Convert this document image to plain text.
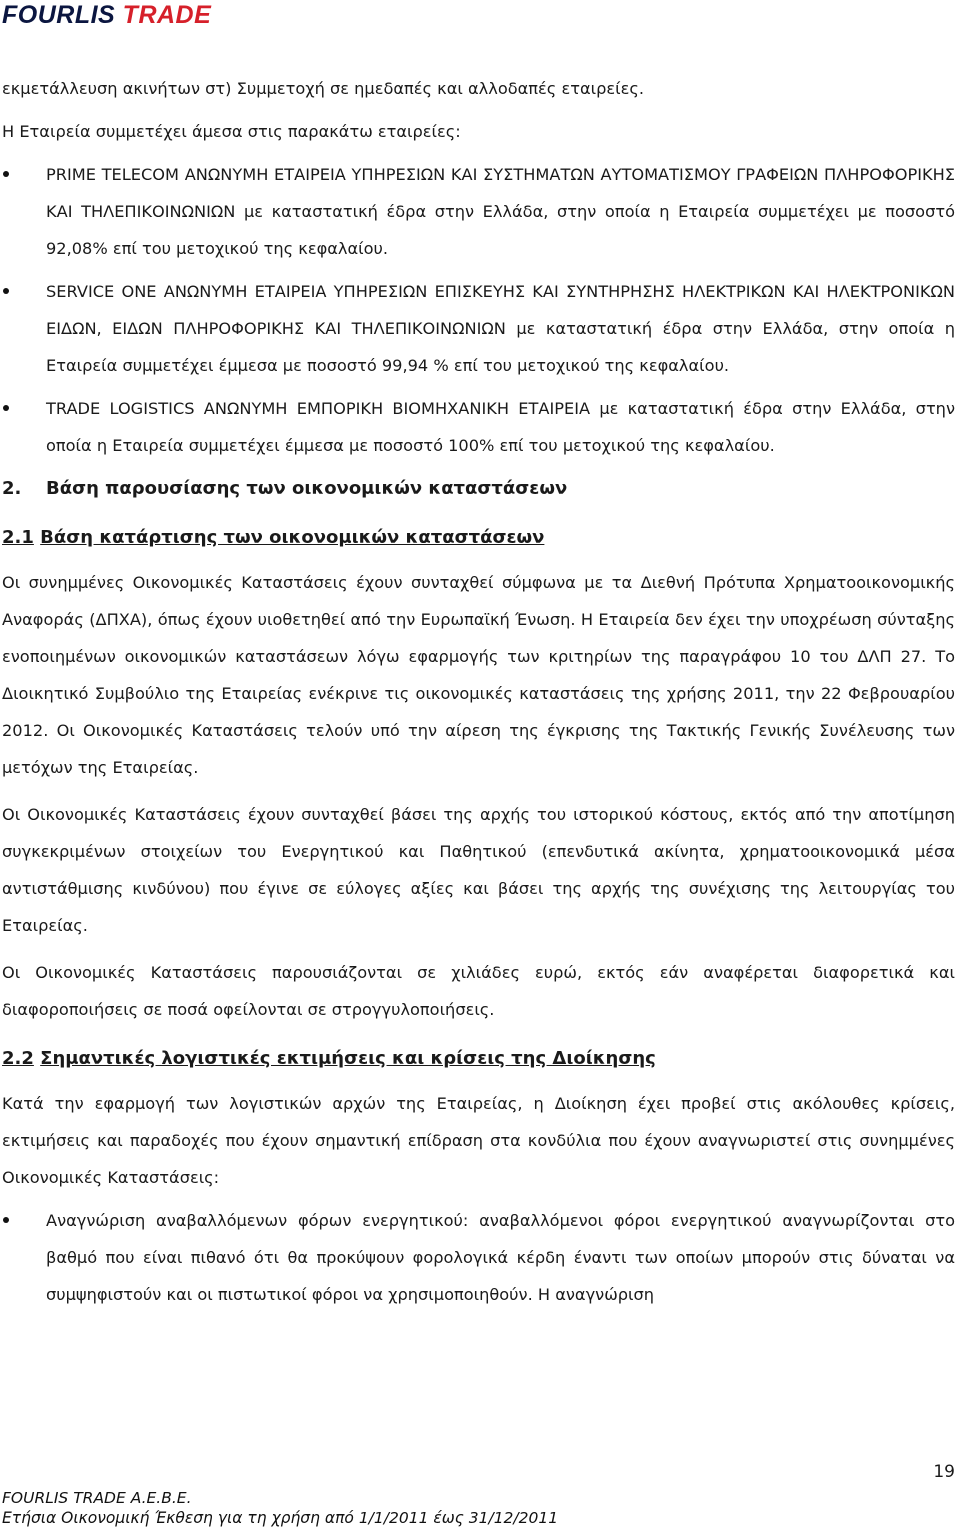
FOURLIS TRADE

εκμετάλλευση ακινήτων στ) Συμμετοχή σε ημεδαπές και αλλοδαπές εταιρείες.

Η Εταιρεία συμμετέχει άμεσα στις παρακάτω εταιρείες:

PRIME TELECOM ΑΝΩΝΥΜΗ ΕΤΑΙΡΕΙΑ ΥΠΗΡΕΣΙΩΝ ΚΑΙ ΣΥΣΤΗΜΑΤΩΝ ΑΥΤΟΜΑΤΙΣΜΟΥ ΓΡΑΦΕΙΩΝ ΠΛΗΡΟΦΟΡΙΚΗΣ ΚΑΙ ΤΗΛΕΠΙΚΟΙΝΩΝΙΩΝ με καταστατική έδρα στην Ελλάδα, στην οποία η Εταιρεία συμμετέχει με ποσοστό 92,08% επί του μετοχικού της κεφαλαίου.
SERVICE ONE ΑΝΩΝΥΜΗ ΕΤΑΙΡΕΙΑ ΥΠΗΡΕΣΙΩΝ ΕΠΙΣΚΕΥΗΣ ΚΑΙ ΣΥΝΤΗΡΗΣΗΣ ΗΛΕΚΤΡΙΚΩΝ ΚΑΙ ΗΛΕΚΤΡΟΝΙΚΩΝ ΕΙΔΩΝ, ΕΙΔΩΝ ΠΛΗΡΟΦΟΡΙΚΗΣ ΚΑΙ ΤΗΛΕΠΙΚΟΙΝΩΝΙΩΝ με καταστατική έδρα στην Ελλάδα, στην οποία η Εταιρεία συμμετέχει έμμεσα με ποσοστό 99,94 % επί του μετοχικού της κεφαλαίου.
TRADE LOGISTICS ΑΝΩΝΥΜΗ ΕΜΠΟΡΙΚΗ ΒΙΟΜΗΧΑΝΙΚΗ ΕΤΑΙΡΕΙΑ με καταστατική έδρα στην Ελλάδα, στην οποία η Εταιρεία συμμετέχει έμμεσα με ποσοστό 100% επί του μετοχικού της κεφαλαίου.
2. Βάση παρουσίασης των οικονομικών καταστάσεων
2.1 Βάση κατάρτισης των οικονομικών καταστάσεων

Οι συνημμένες Οικονομικές Καταστάσεις έχουν συνταχθεί σύμφωνα με τα Διεθνή Πρότυπα Χρηματοοικονομικής Αναφοράς (ΔΠΧΑ), όπως έχουν υιοθετηθεί από την Ευρωπαϊκή Ένωση. Η Εταιρεία δεν έχει την υποχρέωση σύνταξης ενοποιημένων οικονομικών καταστάσεων λόγω εφαρμογής των κριτηρίων της παραγράφου 10 του ΔΛΠ 27. Το Διοικητικό Συμβούλιο της Εταιρείας ενέκρινε τις οικονομικές καταστάσεις της χρήσης 2011, την 22 Φεβρουαρίου 2012. Οι Οικονομικές Καταστάσεις τελούν υπό την αίρεση της έγκρισης της Τακτικής Γενικής Συνέλευσης των μετόχων της Εταιρείας.

Οι Οικονομικές Καταστάσεις έχουν συνταχθεί βάσει της αρχής του ιστορικού κόστους, εκτός από την αποτίμηση συγκεκριμένων στοιχείων του Ενεργητικού και Παθητικού (επενδυτικά ακίνητα, χρηματοοικονομικά μέσα αντιστάθμισης κινδύνου) που έγινε σε εύλογες αξίες και βάσει της αρχής της συνέχισης της λειτουργίας του Εταιρείας.

Οι Οικονομικές Καταστάσεις παρουσιάζονται σε χιλιάδες ευρώ, εκτός εάν αναφέρεται διαφορετικά και διαφοροποιήσεις σε ποσά οφείλονται σε στρογγυλοποιήσεις.

2.2 Σημαντικές λογιστικές εκτιμήσεις και κρίσεις της Διοίκησης

Κατά την εφαρμογή των λογιστικών αρχών της Εταιρείας, η Διοίκηση έχει προβεί στις ακόλουθες κρίσεις, εκτιμήσεις και παραδοχές που έχουν σημαντική επίδραση στα κονδύλια που έχουν αναγνωριστεί στις συνημμένες Οικονομικές Καταστάσεις:

Αναγνώριση αναβαλλόμενων φόρων ενεργητικού: αναβαλλόμενοι φόροι ενεργητικού αναγνωρίζονται στο βαθμό που είναι πιθανό ότι θα προκύψουν φορολογικά κέρδη έναντι των οποίων μπορούν στις δύναται να συμψηφιστούν και οι πιστωτικοί φόροι να χρησιμοποιηθούν. Η αναγνώριση
19
FOURLIS TRADE A.E.B.E.
Ετήσια Οικονομική Έκθεση για τη χρήση από 1/1/2011 έως 31/12/2011
